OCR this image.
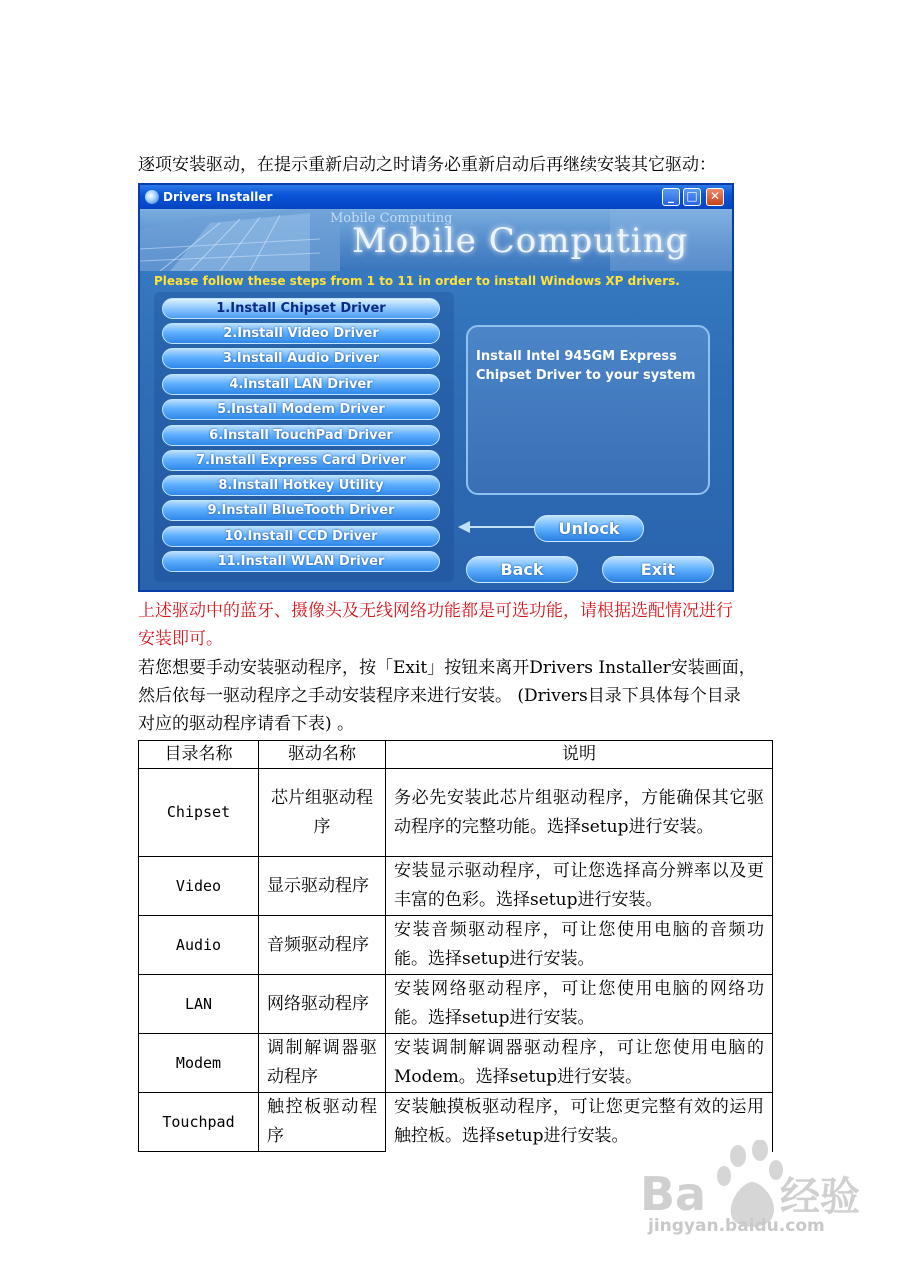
逐项安装驱动，在提示重新启动之时请务必重新启动后再继续安装其它驱动：
Drivers Installer	_	□	✕
Mobile Computing
Mobile Computing
Please follow these steps from 1 to 11 in order to install Windows XP drivers.
1.Install Chipset Driver
2.Install Video Driver
3.Install Audio Driver
4.Install LAN Driver
5.Install Modem Driver
6.Install TouchPad Driver
7.Install Express Card Driver
8.Install Hotkey Utility
9.Install BlueTooth Driver
10.Install CCD Driver
11.Install WLAN Driver
Install Intel 945GM Express Chipset Driver to your system
Unlock
Back	Exit
上述驱动中的蓝牙、摄像头及无线网络功能都是可选功能，请根据选配情况进行
安装即可。
若您想要手动安装驱动程序，按「Exit」按钮来离开Drivers Installer安装画面，
然后依每一驱动程序之手动安装程序来进行安装。 (Drivers目录下具体每个目录
对应的驱动程序请看下表) 。
目录名称	驱动名称	说明
Chipset	芯片组驱动程序	务必先安装此芯片组驱动程序，方能确保其它驱动程序的完整功能。选择setup进行安装。
Video	显示驱动程序	安装显示驱动程序，可让您选择高分辨率以及更丰富的色彩。选择setup进行安装。
Audio	音频驱动程序	安装音频驱动程序，可让您使用电脑的音频功能。选择setup进行安装。
LAN	网络驱动程序	安装网络驱动程序，可让您使用电脑的网络功能。选择setup进行安装。
Modem	调制解调器驱动程序	安装调制解调器驱动程序，可让您使用电脑的Modem。选择setup进行安装。
Touchpad	触控板驱动程序	安装触摸板驱动程序，可让您更完整有效的运用触控板。选择setup进行安装。
Ba 经验
jingyan.baidu.com
